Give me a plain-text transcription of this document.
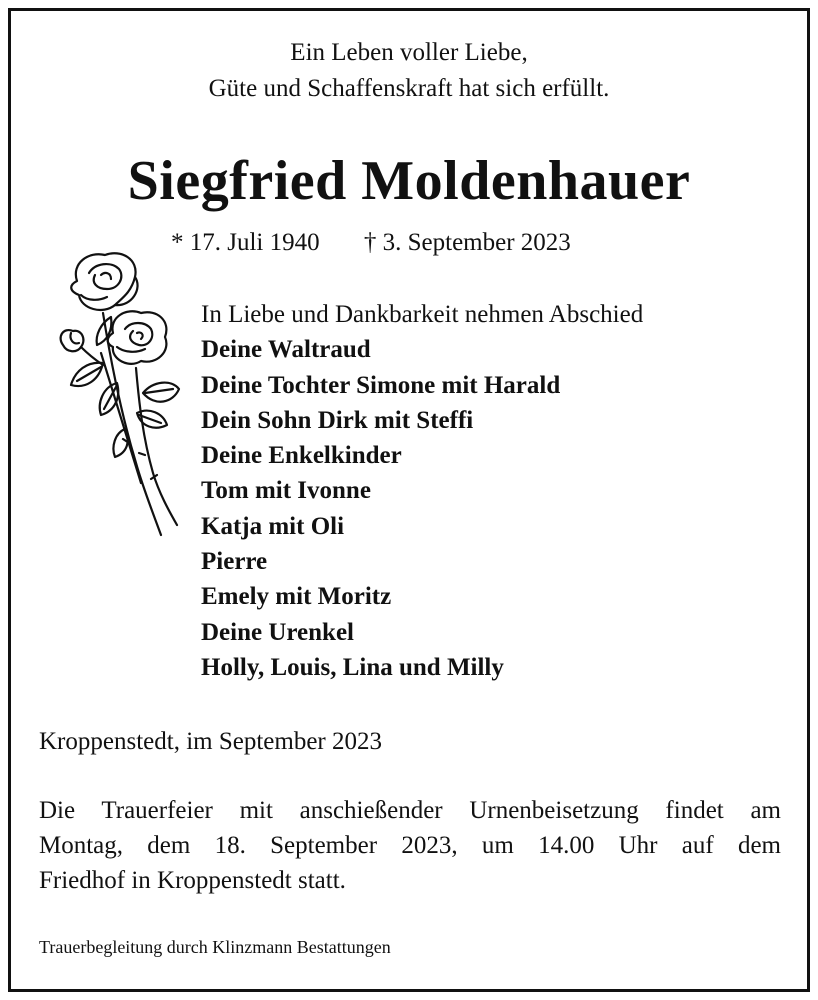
Ein Leben voller Liebe,
Güte und Schaffenskraft hat sich erfüllt.
Siegfried Moldenhauer
* 17. Juli 1940 † 3. September 2023
In Liebe und Dankbarkeit nehmen Abschied
Deine Waltraud
Deine Tochter Simone mit Harald
Dein Sohn Dirk mit Steffi
Deine Enkelkinder
Tom mit Ivonne
Katja mit Oli
Pierre
Emely mit Moritz
Deine Urenkel
Holly, Louis, Lina und Milly
Kroppenstedt, im September 2023
Die Trauerfeier mit anschießender Urnenbeisetzung findet am
Montag, dem 18. September 2023, um 14.00 Uhr auf dem
Friedhof in Kroppenstedt statt.
Trauerbegleitung durch Klinzmann Bestattungen
